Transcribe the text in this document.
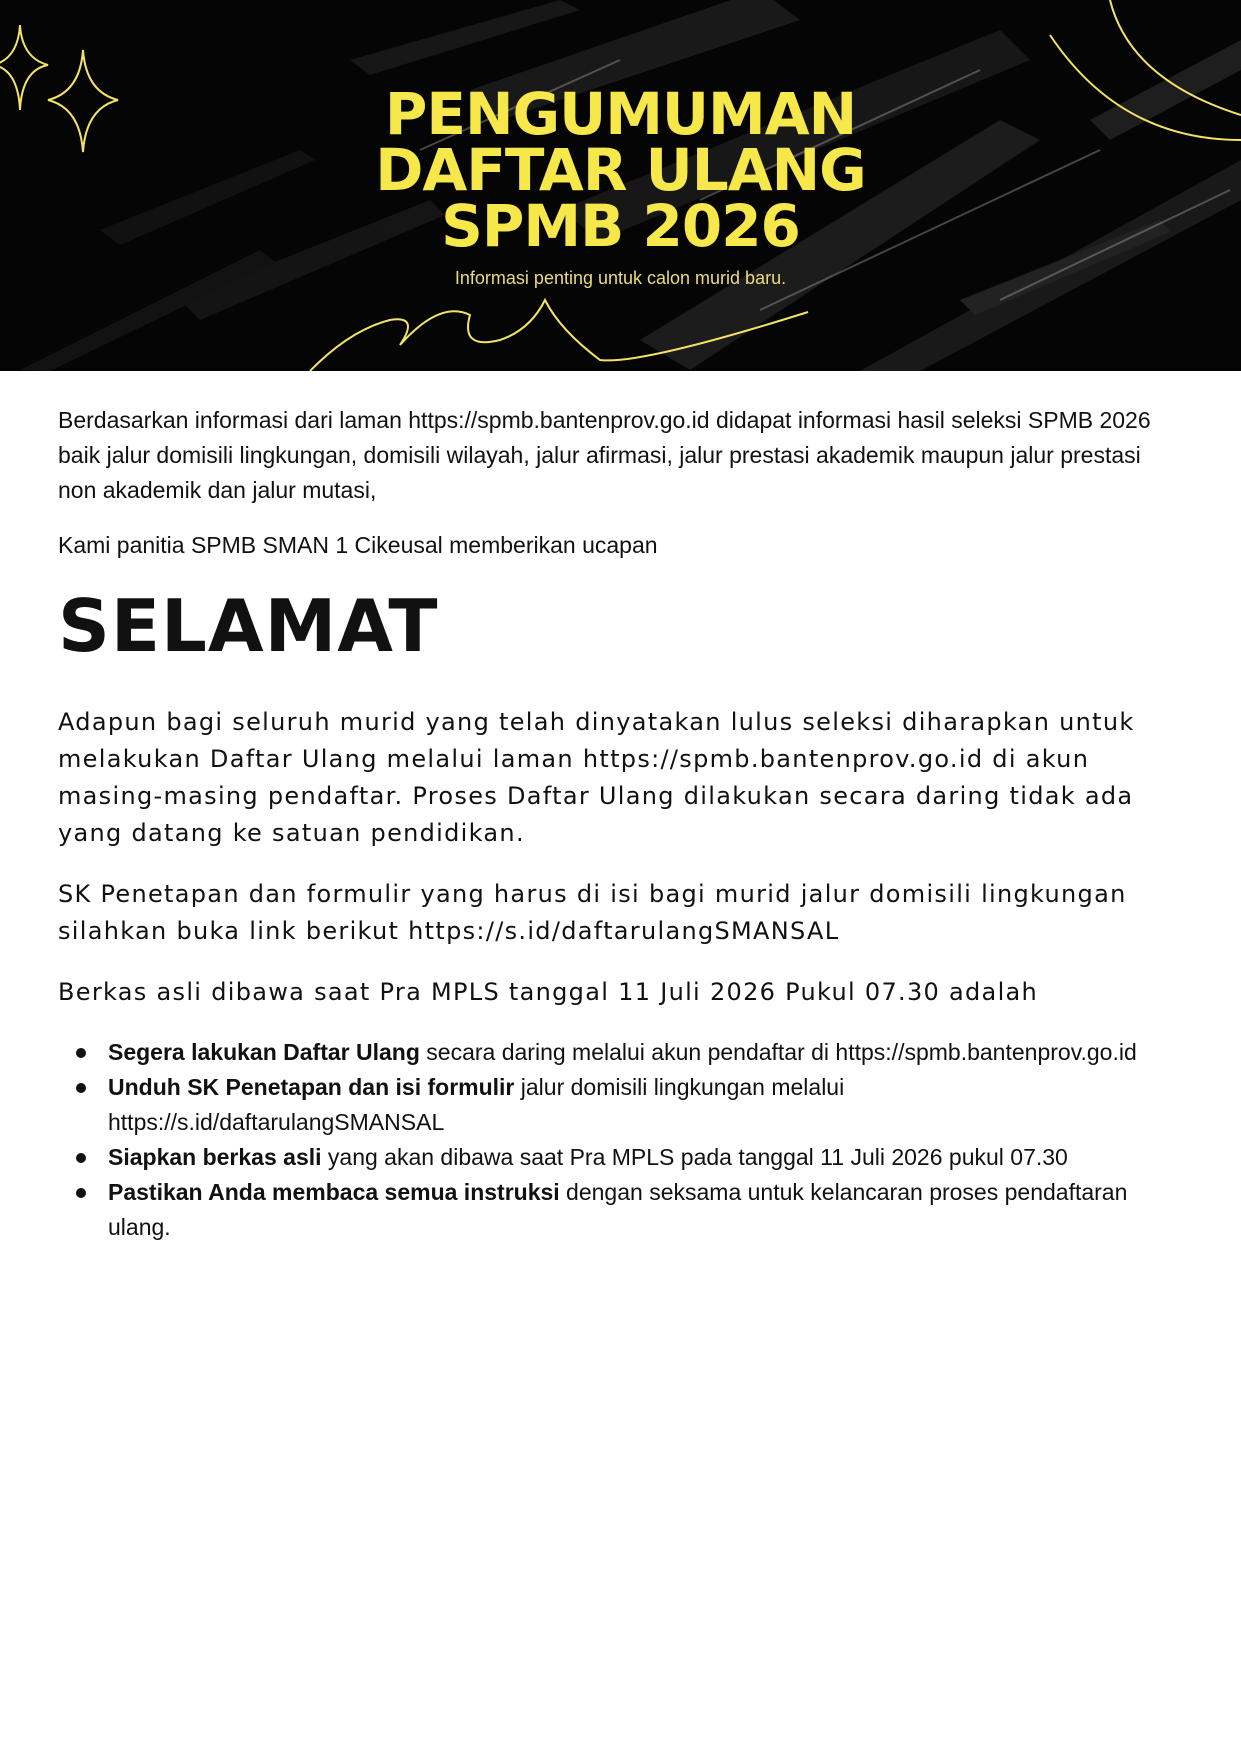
PENGUMUMAN
DAFTAR ULANG
SPMB 2026
Informasi penting untuk calon murid baru.

Berdasarkan informasi dari laman https://spmb.bantenprov.go.id didapat informasi hasil seleksi SPMB 2026 baik jalur domisili lingkungan, domisili wilayah, jalur afirmasi, jalur prestasi akademik maupun jalur prestasi non akademik dan jalur mutasi,

Kami panitia SPMB SMAN 1 Cikeusal memberikan ucapan

SELAMAT

Adapun bagi seluruh murid yang telah dinyatakan lulus seleksi diharapkan untuk melakukan Daftar Ulang melalui laman https://spmb.bantenprov.go.id di akun masing-masing pendaftar. Proses Daftar Ulang dilakukan secara daring tidak ada yang datang ke satuan pendidikan.

SK Penetapan dan formulir yang harus di isi bagi murid jalur domisili lingkungan silahkan buka link berikut https://s.id/daftarulangSMANSAL

Berkas asli dibawa saat Pra MPLS tanggal 11 Juli 2026 Pukul 07.30 adalah

Segera lakukan Daftar Ulang secara daring melalui akun pendaftar di https://spmb.bantenprov.go.id
Unduh SK Penetapan dan isi formulir jalur domisili lingkungan melalui https://s.id/daftarulangSMANSAL
Siapkan berkas asli yang akan dibawa saat Pra MPLS pada tanggal 11 Juli 2026 pukul 07.30
Pastikan Anda membaca semua instruksi dengan seksama untuk kelancaran proses pendaftaran ulang.
